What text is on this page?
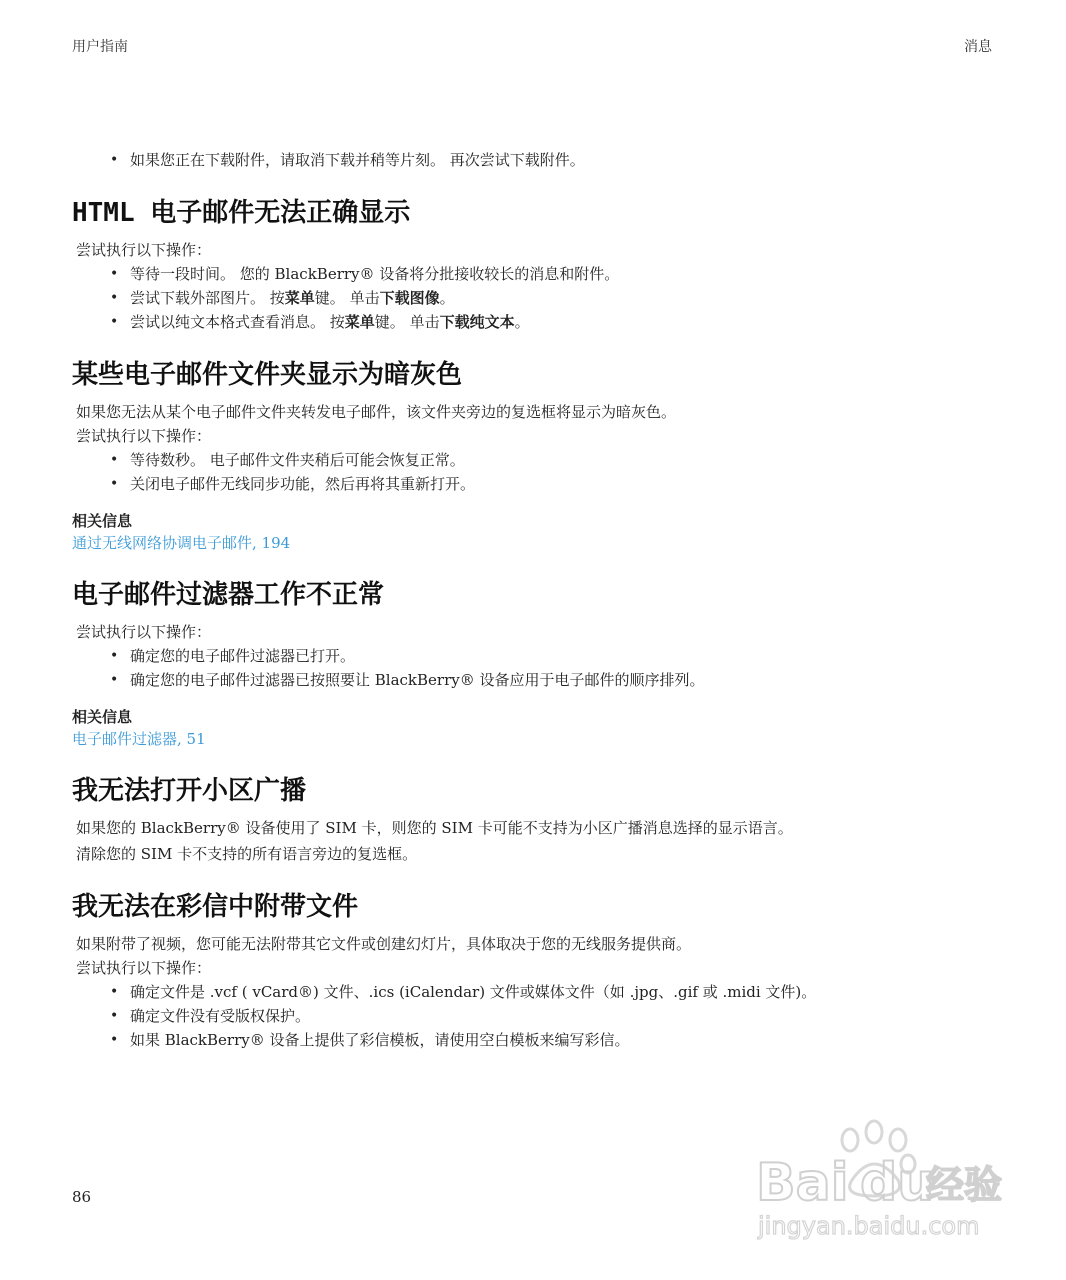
用户指南	消息
• 如果您正在下载附件，请取消下载并稍等片刻。 再次尝试下载附件。
HTML 电子邮件无法正确显示

尝试执行以下操作：

• 等待一段时间。 您的 BlackBerry® 设备将分批接收较长的消息和附件。
• 尝试下载外部图片。 按菜单键。 单击下载图像。
• 尝试以纯文本格式查看消息。 按菜单键。 单击下载纯文本。
某些电子邮件文件夹显示为暗灰色

如果您无法从某个电子邮件文件夹转发电子邮件，该文件夹旁边的复选框将显示为暗灰色。

尝试执行以下操作：

• 等待数秒。 电子邮件文件夹稍后可能会恢复正常。
• 关闭电子邮件无线同步功能，然后再将其重新打开。
相关信息
通过无线网络协调电子邮件, 194
电子邮件过滤器工作不正常

尝试执行以下操作：

• 确定您的电子邮件过滤器已打开。
• 确定您的电子邮件过滤器已按照要让 BlackBerry® 设备应用于电子邮件的顺序排列。
相关信息
电子邮件过滤器, 51
我无法打开小区广播

如果您的 BlackBerry® 设备使用了 SIM 卡，则您的 SIM 卡可能不支持为小区广播消息选择的显示语言。

清除您的 SIM 卡不支持的所有语言旁边的复选框。

我无法在彩信中附带文件

如果附带了视频，您可能无法附带其它文件或创建幻灯片，具体取决于您的无线服务提供商。

尝试执行以下操作：

• 确定文件是 .vcf ( vCard®) 文件、.ics (iCalendar) 文件或媒体文件（如 .jpg、.gif 或 .midi 文件)。
• 确定文件没有受版权保护。
• 如果 BlackBerry® 设备上提供了彩信模板，请使用空白模板来编写彩信。
86	Bai du
经验
jingyan.baidu.com
